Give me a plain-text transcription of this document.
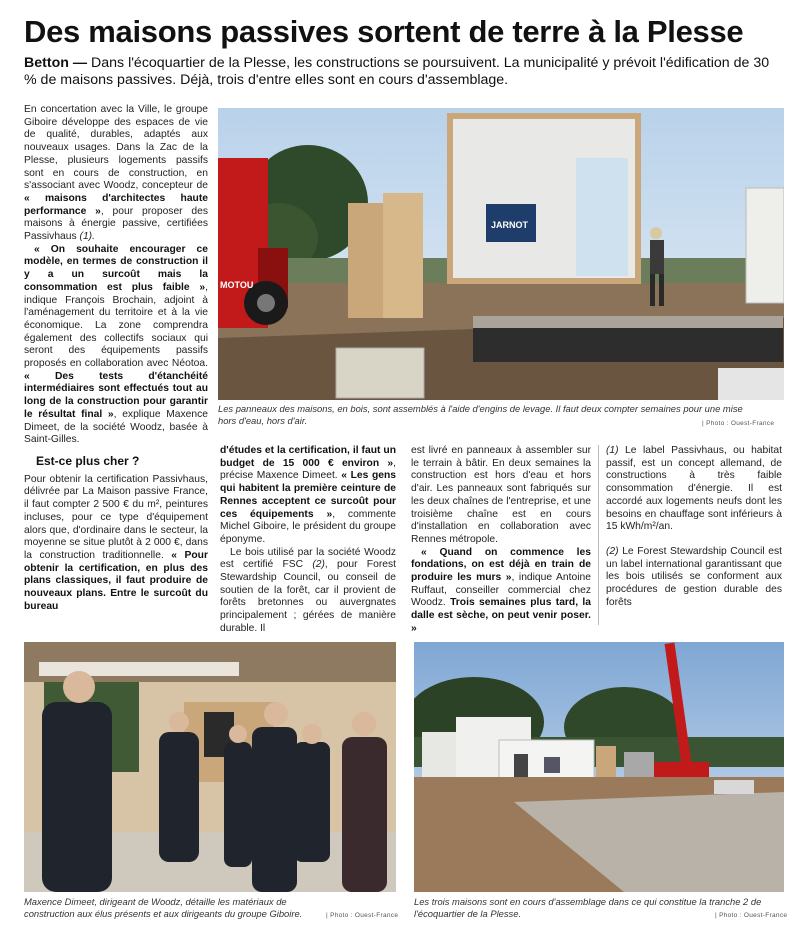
Des maisons passives sortent de terre à la Plesse

Betton — Dans l'écoquartier de la Plesse, les constructions se poursuivent. La municipalité y prévoit l'édification de 30 % de maisons passives. Déjà, trois d'entre elles sont en cours d'assemblage.

En concertation avec la Ville, le groupe Giboire développe des espaces de vie de qualité, durables, adaptés aux nouveaux usages. Dans la Zac de la Plesse, plusieurs logements passifs sont en cours de construction, en s'associant avec Woodz, concepteur de « maisons d'architectes haute performance », pour proposer des maisons à énergie passive, certifiées Passivhaus (1).

« On souhaite encourager ce modèle, en termes de construction il y a un surcoût mais la consommation est plus faible », indique François Brochain, adjoint à l'aménagement du territoire et à la vie économique. La zone comprendra également des collectifs sociaux qui seront des équipements passifs proposés en collaboration avec Néotoa. « Des tests d'étanchéité intermédiaires sont effectués tout au long de la construction pour garantir le résultat final », explique Maxence Dimeet, de la société Woodz, basée à Saint-Gilles.

Est-ce plus cher ?

Pour obtenir la certification Passivhaus, délivrée par La Maison passive France, il faut compter 2 500 € du m², peintures incluses, pour ce type d'équipement alors que, d'ordinaire dans le secteur, la moyenne se situe plutôt à 2 000 €, dans la construction traditionnelle. « Pour obtenir la certification, en plus des plans classiques, il faut produire de nouveaux plans. Entre le surcoût du bureau

JARNOT
MOTOU

Les panneaux des maisons, en bois, sont assemblés à l'aide d'engins de levage. Il faut deux compter semaines pour une mise hors d'eau, hors d'air.	| Photo : Ouest-France

d'études et la certification, il faut un budget de 15 000 € environ », précise Maxence Dimeet. « Les gens qui habitent la première ceinture de Rennes acceptent ce surcoût pour ces équipements », commente Michel Giboire, le président du groupe éponyme.

Le bois utilisé par la société Woodz est certifié FSC (2), pour Forest Stewardship Council, ou conseil de soutien de la forêt, car il provient de forêts bretonnes ou auvergnates principalement ; gérées de manière durable. Il

est livré en panneaux à assembler sur le terrain à bâtir. En deux semaines la construction est hors d'eau et hors d'air. Les panneaux sont fabriqués sur les deux chaînes de l'entreprise, et une troisième chaîne est en cours d'installation en collaboration avec Rennes métropole.

« Quand on commence les fondations, on est déjà en train de produire les murs », indique Antoine Ruffaut, conseiller commercial chez Woodz. Trois semaines plus tard, la dalle est sèche, on peut venir poser. »

(1) Le label Passivhaus, ou habitat passif, est un concept allemand, de constructions à très faible consommation d'énergie. Il est accordé aux logements neufs dont les besoins en chauffage sont inférieurs à 15 kWh/m²/an.

(2) Le Forest Stewardship Council est un label international garantissant que les bois utilisés se conforment aux procédures de gestion durable des forêts

Maxence Dimeet, dirigeant de Woodz, détaille les matériaux de construction aux élus présents et aux dirigeants du groupe Giboire.	| Photo : Ouest-France

Les trois maisons sont en cours d'assemblage dans ce qui constitue la tranche 2 de l'écoquartier de la Plesse.	| Photo : Ouest-France
